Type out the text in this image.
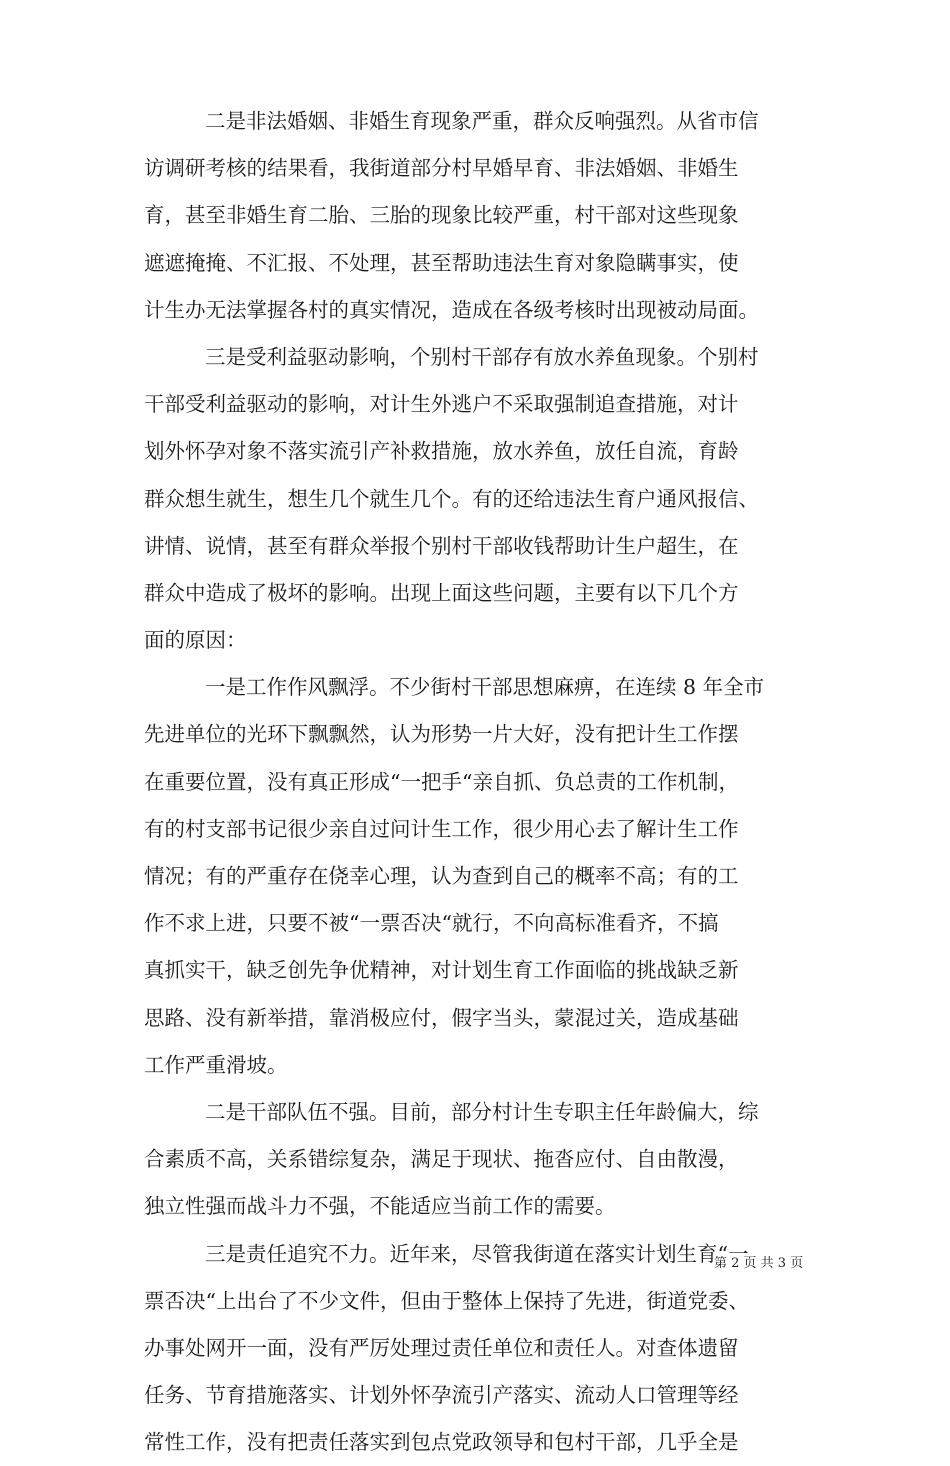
二是非法婚姻、非婚生育现象严重，群众反响强烈。从省市信
访调研考核的结果看，我街道部分村早婚早育、非法婚姻、非婚生
育，甚至非婚生育二胎、三胎的现象比较严重，村干部对这些现象
遮遮掩掩、不汇报、不处理，甚至帮助违法生育对象隐瞒事实，使
计生办无法掌握各村的真实情况，造成在各级考核时出现被动局面。
三是受利益驱动影响，个别村干部存有放水养鱼现象。个别村
干部受利益驱动的影响，对计生外逃户不采取强制追查措施，对计
划外怀孕对象不落实流引产补救措施，放水养鱼，放任自流，育龄
群众想生就生，想生几个就生几个。有的还给违法生育户通风报信、
讲情、说情，甚至有群众举报个别村干部收钱帮助计生户超生，在
群众中造成了极坏的影响。出现上面这些问题，主要有以下几个方
面的原因：
一是工作作风飘浮。不少街村干部思想麻痹，在连续 8 年全市
先进单位的光环下飘飘然，认为形势一片大好，没有把计生工作摆
在重要位置，没有真正形成“一把手“亲自抓、负总责的工作机制，
有的村支部书记很少亲自过问计生工作，很少用心去了解计生工作
情况；有的严重存在侥幸心理，认为查到自己的概率不高；有的工
作不求上进，只要不被“一票否决“就行，不向高标准看齐，不搞
真抓实干，缺乏创先争优精神，对计划生育工作面临的挑战缺乏新
思路、没有新举措，靠消极应付，假字当头，蒙混过关，造成基础
工作严重滑坡。
二是干部队伍不强。目前，部分村计生专职主任年龄偏大，综
合素质不高，关系错综复杂，满足于现状、拖沓应付、自由散漫，
独立性强而战斗力不强，不能适应当前工作的需要。
三是责任追究不力。近年来，尽管我街道在落实计划生育“一
票否决“上出台了不少文件，但由于整体上保持了先进，街道党委、
办事处网开一面，没有严厉处理过责任单位和责任人。对查体遗留
任务、节育措施落实、计划外怀孕流引产落实、流动人口管理等经
常性工作，没有把责任落实到包点党政领导和包村干部，几乎全是
第 2 页 共 3 页
